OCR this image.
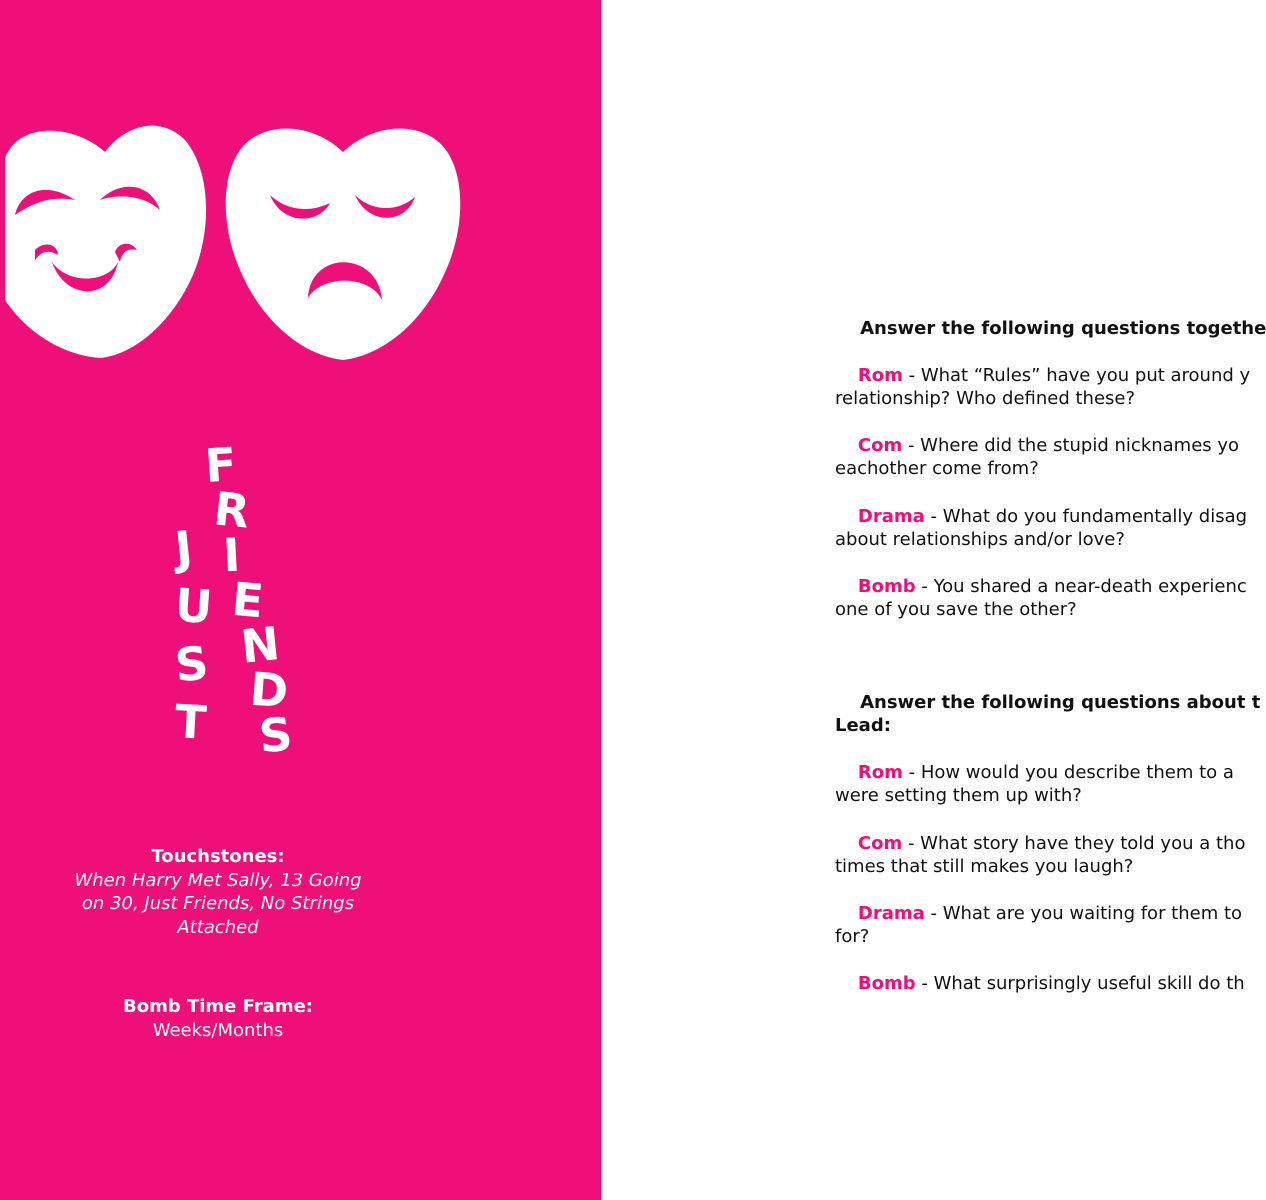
Touchstones:
When Harry Met Sally, 13 Going
on 30, Just Friends, No Strings
Attached
Bomb Time Frame:
Weeks/Months
J
U
S
T
F
R
I
E
N
D
S

Answer the following questions togethe

Rom - What “Rules” have you put around y
relationship? Who defined these?

Com - Where did the stupid nicknames yo
eachother come from?

Drama - What do you fundamentally disag
about relationships and/or love?

Bomb - You shared a near-death experienc
one of you save the other?

Answer the following questions about t
Lead:

Rom - How would you describe them to a
were setting them up with?

Com - What story have they told you a tho
times that still makes you laugh?

Drama - What are you waiting for them to
for?

Bomb - What surprisingly useful skill do th
